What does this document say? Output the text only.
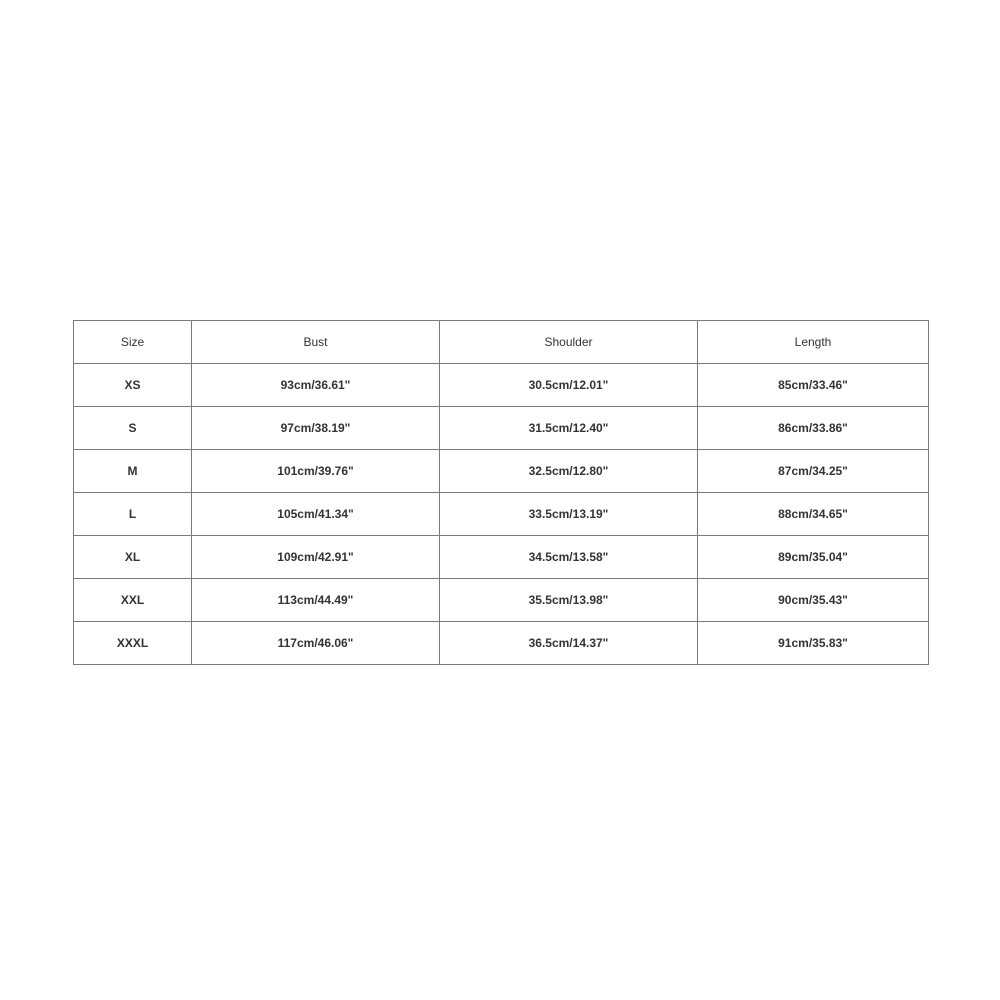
Size	Bust	Shoulder	Length
XS	93cm/36.61"	30.5cm/12.01"	85cm/33.46"
S	97cm/38.19"	31.5cm/12.40"	86cm/33.86"
M	101cm/39.76"	32.5cm/12.80"	87cm/34.25"
L	105cm/41.34"	33.5cm/13.19"	88cm/34.65"
XL	109cm/42.91"	34.5cm/13.58"	89cm/35.04"
XXL	113cm/44.49"	35.5cm/13.98"	90cm/35.43"
XXXL	117cm/46.06"	36.5cm/14.37"	91cm/35.83"
